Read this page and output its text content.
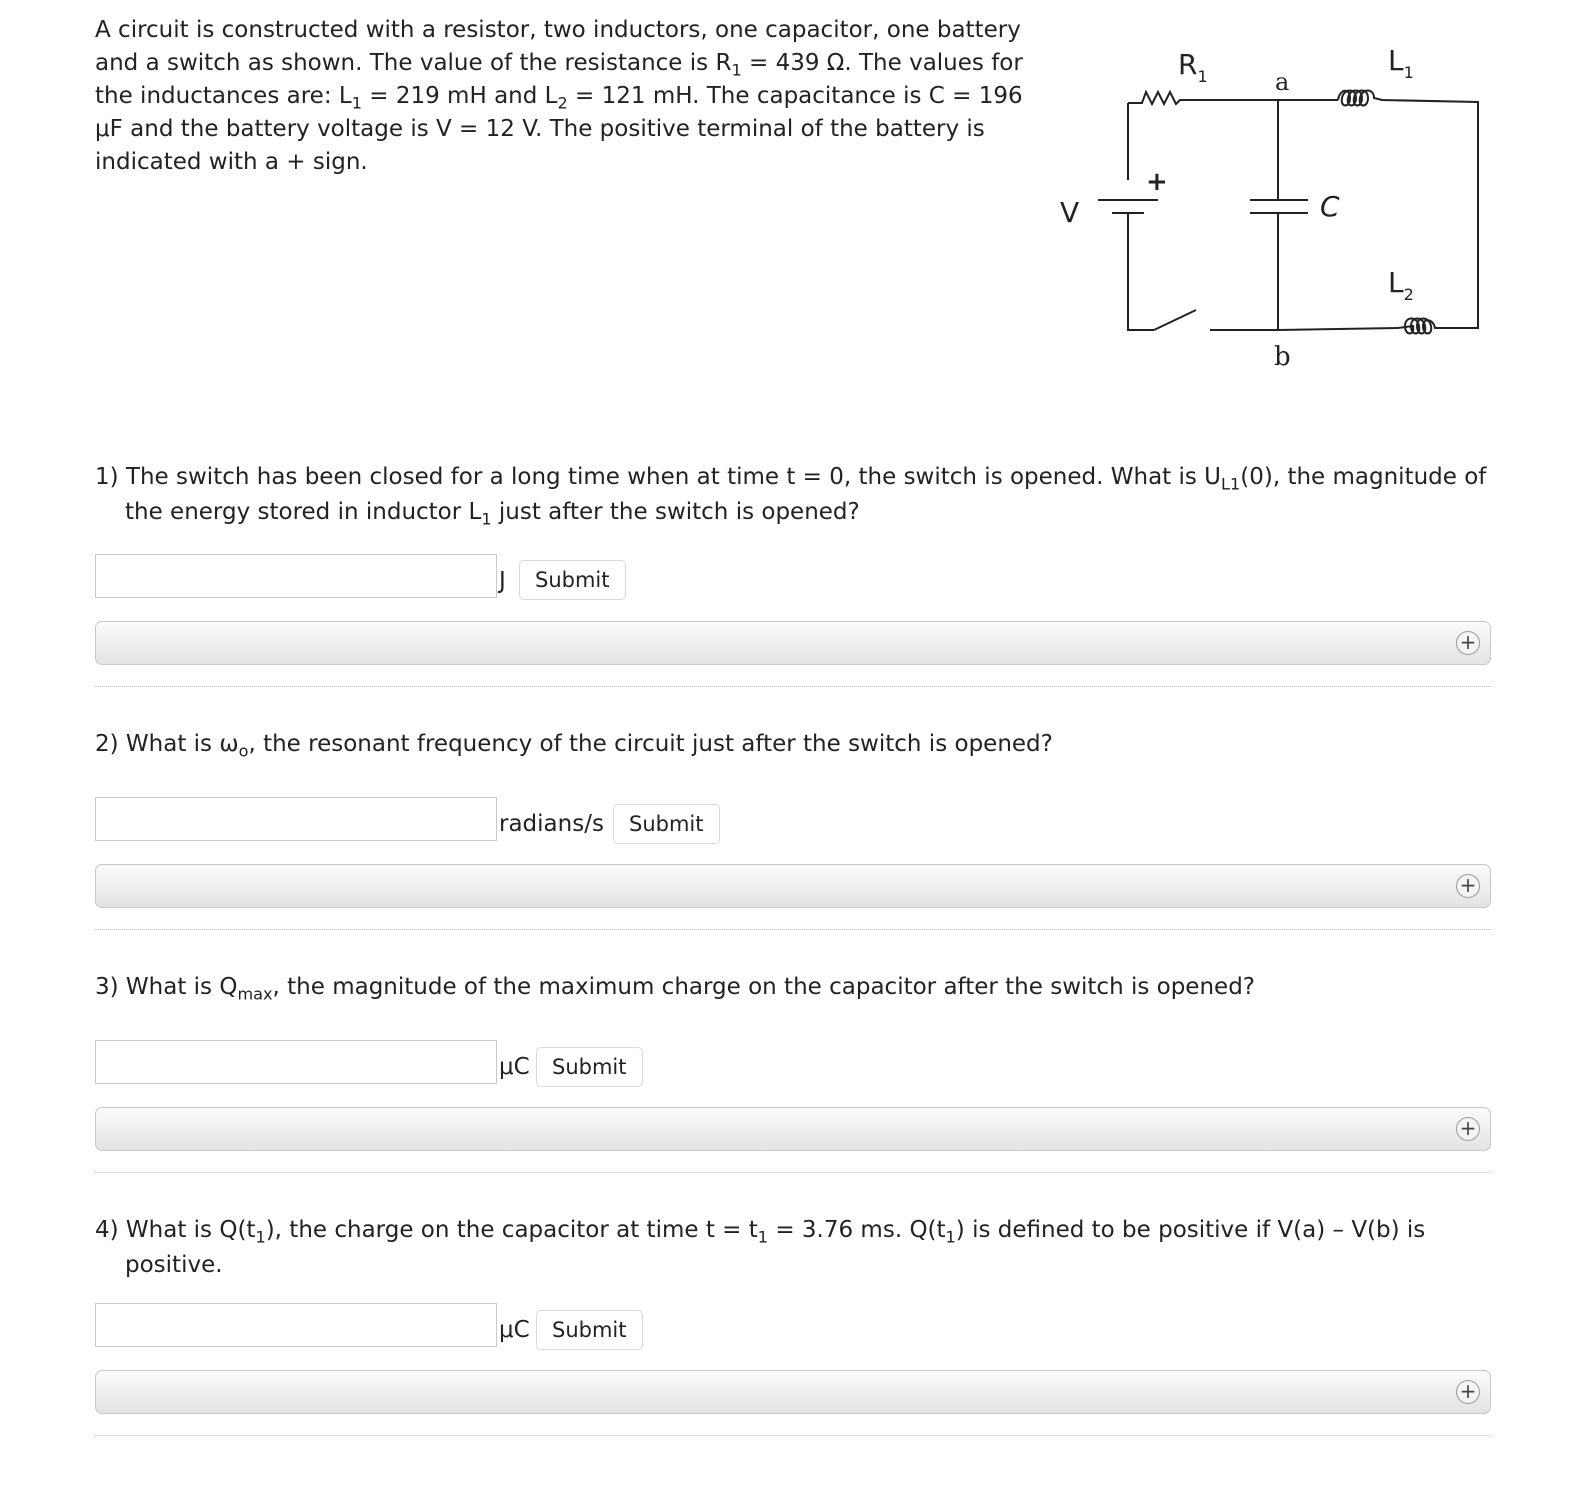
A circuit is constructed with a resistor, two inductors, one capacitor, one battery and a switch as shown. The value of the resistance is $R_1 = 439$ Ω. The values for the inductances are: $L_1 = 219$ mH and $L_2 = 121$ mH. The capacitance is C = 196 μF and the battery voltage is V = 12 V. The positive terminal of the battery is indicated with a + sign.
$R_1$	a
$L_1$
+
V	C
$L_2$
b
1) The switch has been closed for a long time when at time t = 0, the switch is opened. What is $U_{L1}(0)$, the magnitude of the energy stored in inductor $L_1$ just after the switch is opened?
J	Submit
+
2) What is $\omega_o$, the resonant frequency of the circuit just after the switch is opened?
radians/s	Submit
+
3) What is $Q_{max}$, the magnitude of the maximum charge on the capacitor after the switch is opened?
μC	Submit
+
4) What is $Q(t_1)$, the charge on the capacitor at time $t = t_1 = 3.76$ ms. $Q(t_1)$ is defined to be positive if V(a) – V(b) is positive.
μC	Submit
+
